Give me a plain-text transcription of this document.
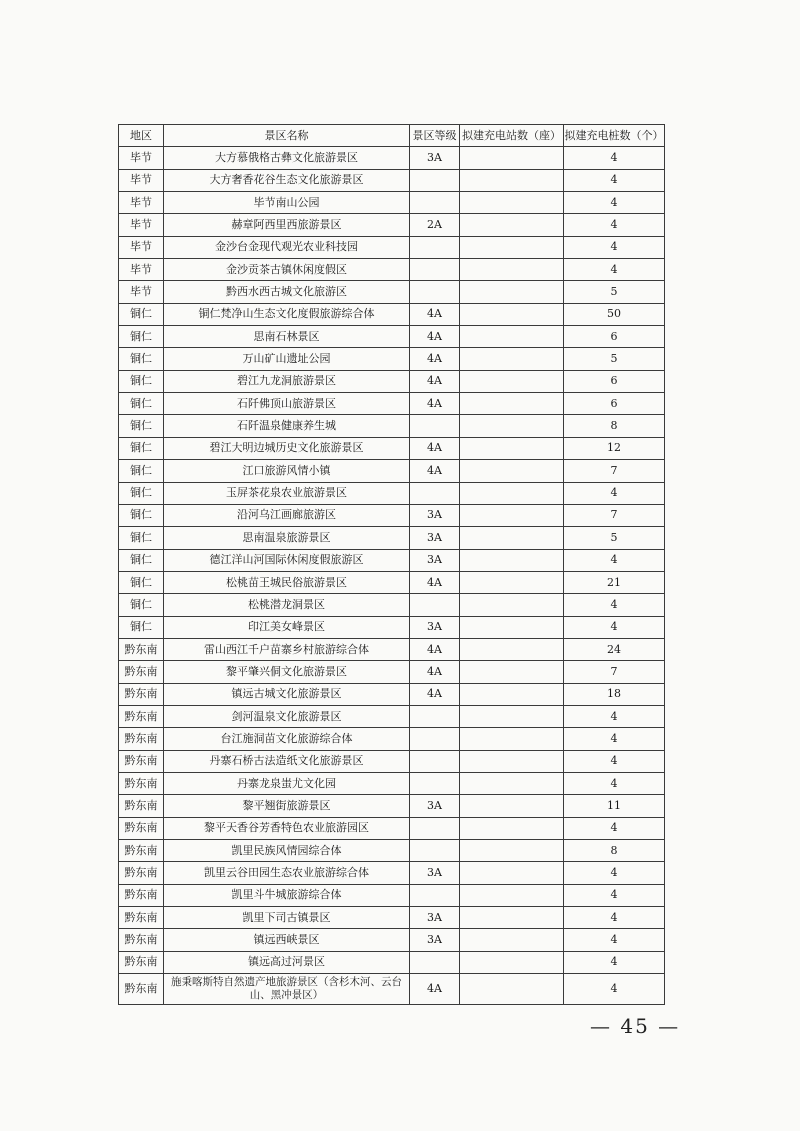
地区	景区名称	景区等级	拟建充电站数（座）	拟建充电桩数（个）
毕节	大方慕俄格古彝文化旅游景区	3A		4
毕节	大方奢香花谷生态文化旅游景区			4
毕节	毕节南山公园			4
毕节	赫章阿西里西旅游景区	2A		4
毕节	金沙台金现代观光农业科技园			4
毕节	金沙贡茶古镇休闲度假区			4
毕节	黔西水西古城文化旅游区			5
铜仁	铜仁梵净山生态文化度假旅游综合体	4A		50
铜仁	思南石林景区	4A		6
铜仁	万山矿山遗址公园	4A		5
铜仁	碧江九龙洞旅游景区	4A		6
铜仁	石阡佛顶山旅游景区	4A		6
铜仁	石阡温泉健康养生城			8
铜仁	碧江大明边城历史文化旅游景区	4A		12
铜仁	江口旅游风情小镇	4A		7
铜仁	玉屏茶花泉农业旅游景区			4
铜仁	沿河乌江画廊旅游区	3A		7
铜仁	思南温泉旅游景区	3A		5
铜仁	德江洋山河国际休闲度假旅游区	3A		4
铜仁	松桃苗王城民俗旅游景区	4A		21
铜仁	松桃潜龙洞景区			4
铜仁	印江美女峰景区	3A		4
黔东南	雷山西江千户苗寨乡村旅游综合体	4A		24
黔东南	黎平肇兴侗文化旅游景区	4A		7
黔东南	镇远古城文化旅游景区	4A		18
黔东南	剑河温泉文化旅游景区			4
黔东南	台江施洞苗文化旅游综合体			4
黔东南	丹寨石桥古法造纸文化旅游景区			4
黔东南	丹寨龙泉蚩尤文化园			4
黔东南	黎平翘街旅游景区	3A		11
黔东南	黎平天香谷芳香特色农业旅游园区			4
黔东南	凯里民族风情园综合体			8
黔东南	凯里云谷田园生态农业旅游综合体	3A		4
黔东南	凯里斗牛城旅游综合体			4
黔东南	凯里下司古镇景区	3A		4
黔东南	镇远西峡景区	3A		4
黔东南	镇远高过河景区			4
黔东南	施秉喀斯特自然遗产地旅游景区（含杉木河、云台山、黑冲景区）	4A		4
— 45 —
